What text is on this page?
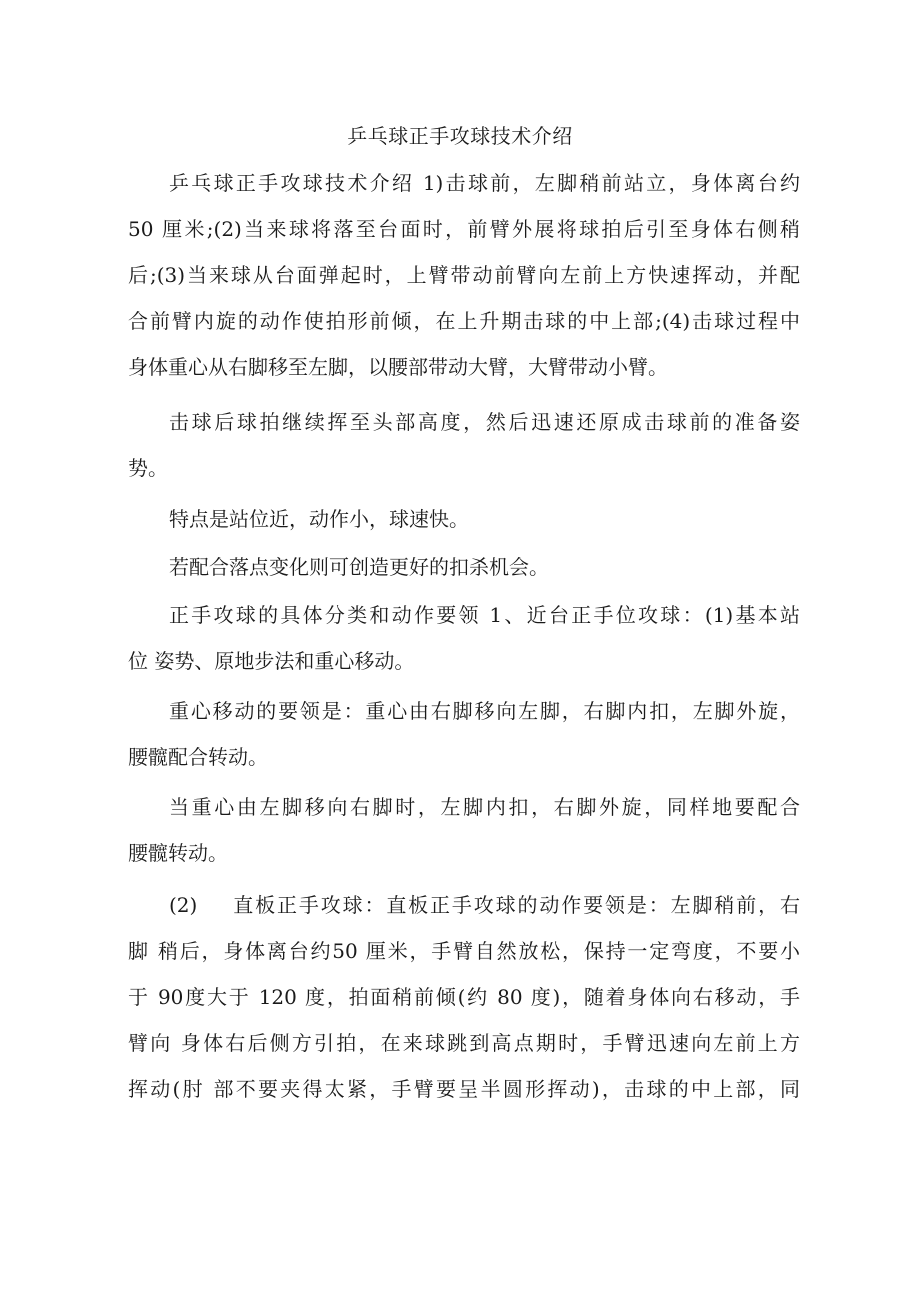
乒乓球正手攻球技术介绍
乒乓球正手攻球技术介绍 1)击球前，左脚稍前站立，身体离台约
50 厘米;(2)当来球将落至台面时，前臂外展将球拍后引至身体右侧稍
后;(3)当来球从台面弹起时，上臂带动前臂向左前上方快速挥动，并配
合前臂内旋的动作使拍形前倾，在上升期击球的中上部;(4)击球过程中
身体重心从右脚移至左脚，以腰部带动大臂，大臂带动小臂。
击球后球拍继续挥至头部高度，然后迅速还原成击球前的准备姿
势。
特点是站位近，动作小，球速快。
若配合落点变化则可创造更好的扣杀机会。
正手攻球的具体分类和动作要领 1、近台正手位攻球：(1)基本站
位 姿势、原地步法和重心移动。
重心移动的要领是：重心由右脚移向左脚，右脚内扣，左脚外旋，
腰髋配合转动。
当重心由左脚移向右脚时，左脚内扣，右脚外旋，同样地要配合
腰髋转动。
(2) 直板正手攻球：直板正手攻球的动作要领是：左脚稍前，右
脚 稍后，身体离台约50 厘米，手臂自然放松，保持一定弯度，不要小
于 90度大于 120 度，拍面稍前倾(约 80 度)，随着身体向右移动，手
臂向 身体右后侧方引拍，在来球跳到高点期时，手臂迅速向左前上方
挥动(肘 部不要夹得太紧，手臂要呈半圆形挥动)，击球的中上部，同
